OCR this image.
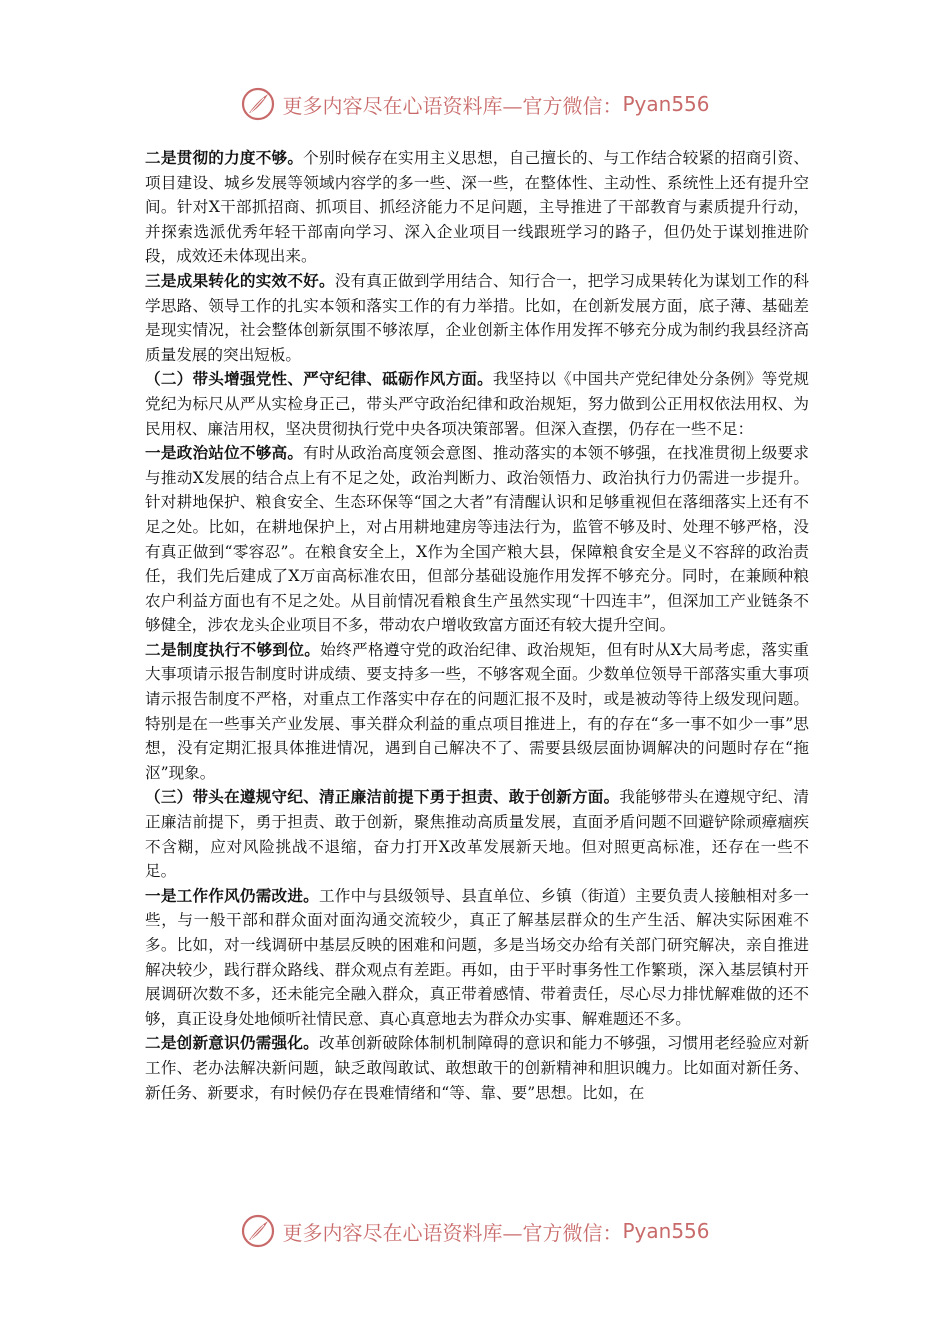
更多内容尽在心语资料库—官方微信： Pyan556

二是贯彻的力度不够。个别时候存在实用主义思想，自己擅长的、与工作结合较紧的招商引资、项目建设、城乡发展等领域内容学的多一些、深一些，在整体性、主动性、系统性上还有提升空间。针对X干部抓招商、抓项目、抓经济能力不足问题，主导推进了干部教育与素质提升行动，并探索选派优秀年轻干部南向学习、深入企业项目一线跟班学习的路子，但仍处于谋划推进阶段，成效还未体现出来。

三是成果转化的实效不好。没有真正做到学用结合、知行合一，把学习成果转化为谋划工作的科学思路、领导工作的扎实本领和落实工作的有力举措。比如，在创新发展方面，底子薄、基础差是现实情况，社会整体创新氛围不够浓厚，企业创新主体作用发挥不够充分成为制约我县经济高质量发展的突出短板。

（二）带头增强党性、严守纪律、砥砺作风方面。我坚持以《中国共产党纪律处分条例》等党规党纪为标尺从严从实检身正己，带头严守政治纪律和政治规矩，努力做到公正用权依法用权、为民用权、廉洁用权，坚决贯彻执行党中央各项决策部署。但深入查摆，仍存在一些不足：

一是政治站位不够高。有时从政治高度领会意图、推动落实的本领不够强，在找准贯彻上级要求与推动X发展的结合点上有不足之处，政治判断力、政治领悟力、政治执行力仍需进一步提升。针对耕地保护、粮食安全、生态环保等“国之大者”有清醒认识和足够重视但在落细落实上还有不足之处。比如，在耕地保护上，对占用耕地建房等违法行为，监管不够及时、处理不够严格，没有真正做到“零容忍”。在粮食安全上，X作为全国产粮大县，保障粮食安全是义不容辞的政治责任，我们先后建成了X万亩高标准农田，但部分基础设施作用发挥不够充分。同时，在兼顾种粮农户利益方面也有不足之处。从目前情况看粮食生产虽然实现“十四连丰”，但深加工产业链条不够健全，涉农龙头企业项目不多，带动农户增收致富方面还有较大提升空间。

二是制度执行不够到位。始终严格遵守党的政治纪律、政治规矩，但有时从X大局考虑，落实重大事项请示报告制度时讲成绩、要支持多一些，不够客观全面。少数单位领导干部落实重大事项请示报告制度不严格，对重点工作落实中存在的问题汇报不及时，或是被动等待上级发现问题。特别是在一些事关产业发展、事关群众利益的重点项目推进上，有的存在“多一事不如少一事”思想，没有定期汇报具体推进情况，遇到自己解决不了、需要县级层面协调解决的问题时存在“拖沤”现象。

（三）带头在遵规守纪、清正廉洁前提下勇于担责、敢于创新方面。我能够带头在遵规守纪、清正廉洁前提下，勇于担责、敢于创新，聚焦推动高质量发展，直面矛盾问题不回避铲除顽瘴痼疾不含糊，应对风险挑战不退缩，奋力打开X改革发展新天地。但对照更高标准，还存在一些不足。

一是工作作风仍需改进。工作中与县级领导、县直单位、乡镇（街道）主要负责人接触相对多一些，与一般干部和群众面对面沟通交流较少，真正了解基层群众的生产生活、解决实际困难不多。比如，对一线调研中基层反映的困难和问题，多是当场交办给有关部门研究解决，亲自推进解决较少，践行群众路线、群众观点有差距。再如，由于平时事务性工作繁琐，深入基层镇村开展调研次数不多，还未能完全融入群众，真正带着感情、带着责任，尽心尽力排忧解难做的还不够，真正设身处地倾听社情民意、真心真意地去为群众办实事、解难题还不多。

二是创新意识仍需强化。改革创新破除体制机制障碍的意识和能力不够强，习惯用老经验应对新工作、老办法解决新问题，缺乏敢闯敢试、敢想敢干的创新精神和胆识魄力。比如面对新任务、新任务、新要求，有时候仍存在畏难情绪和“等、靠、要”思想。比如，在

更多内容尽在心语资料库—官方微信： Pyan556
